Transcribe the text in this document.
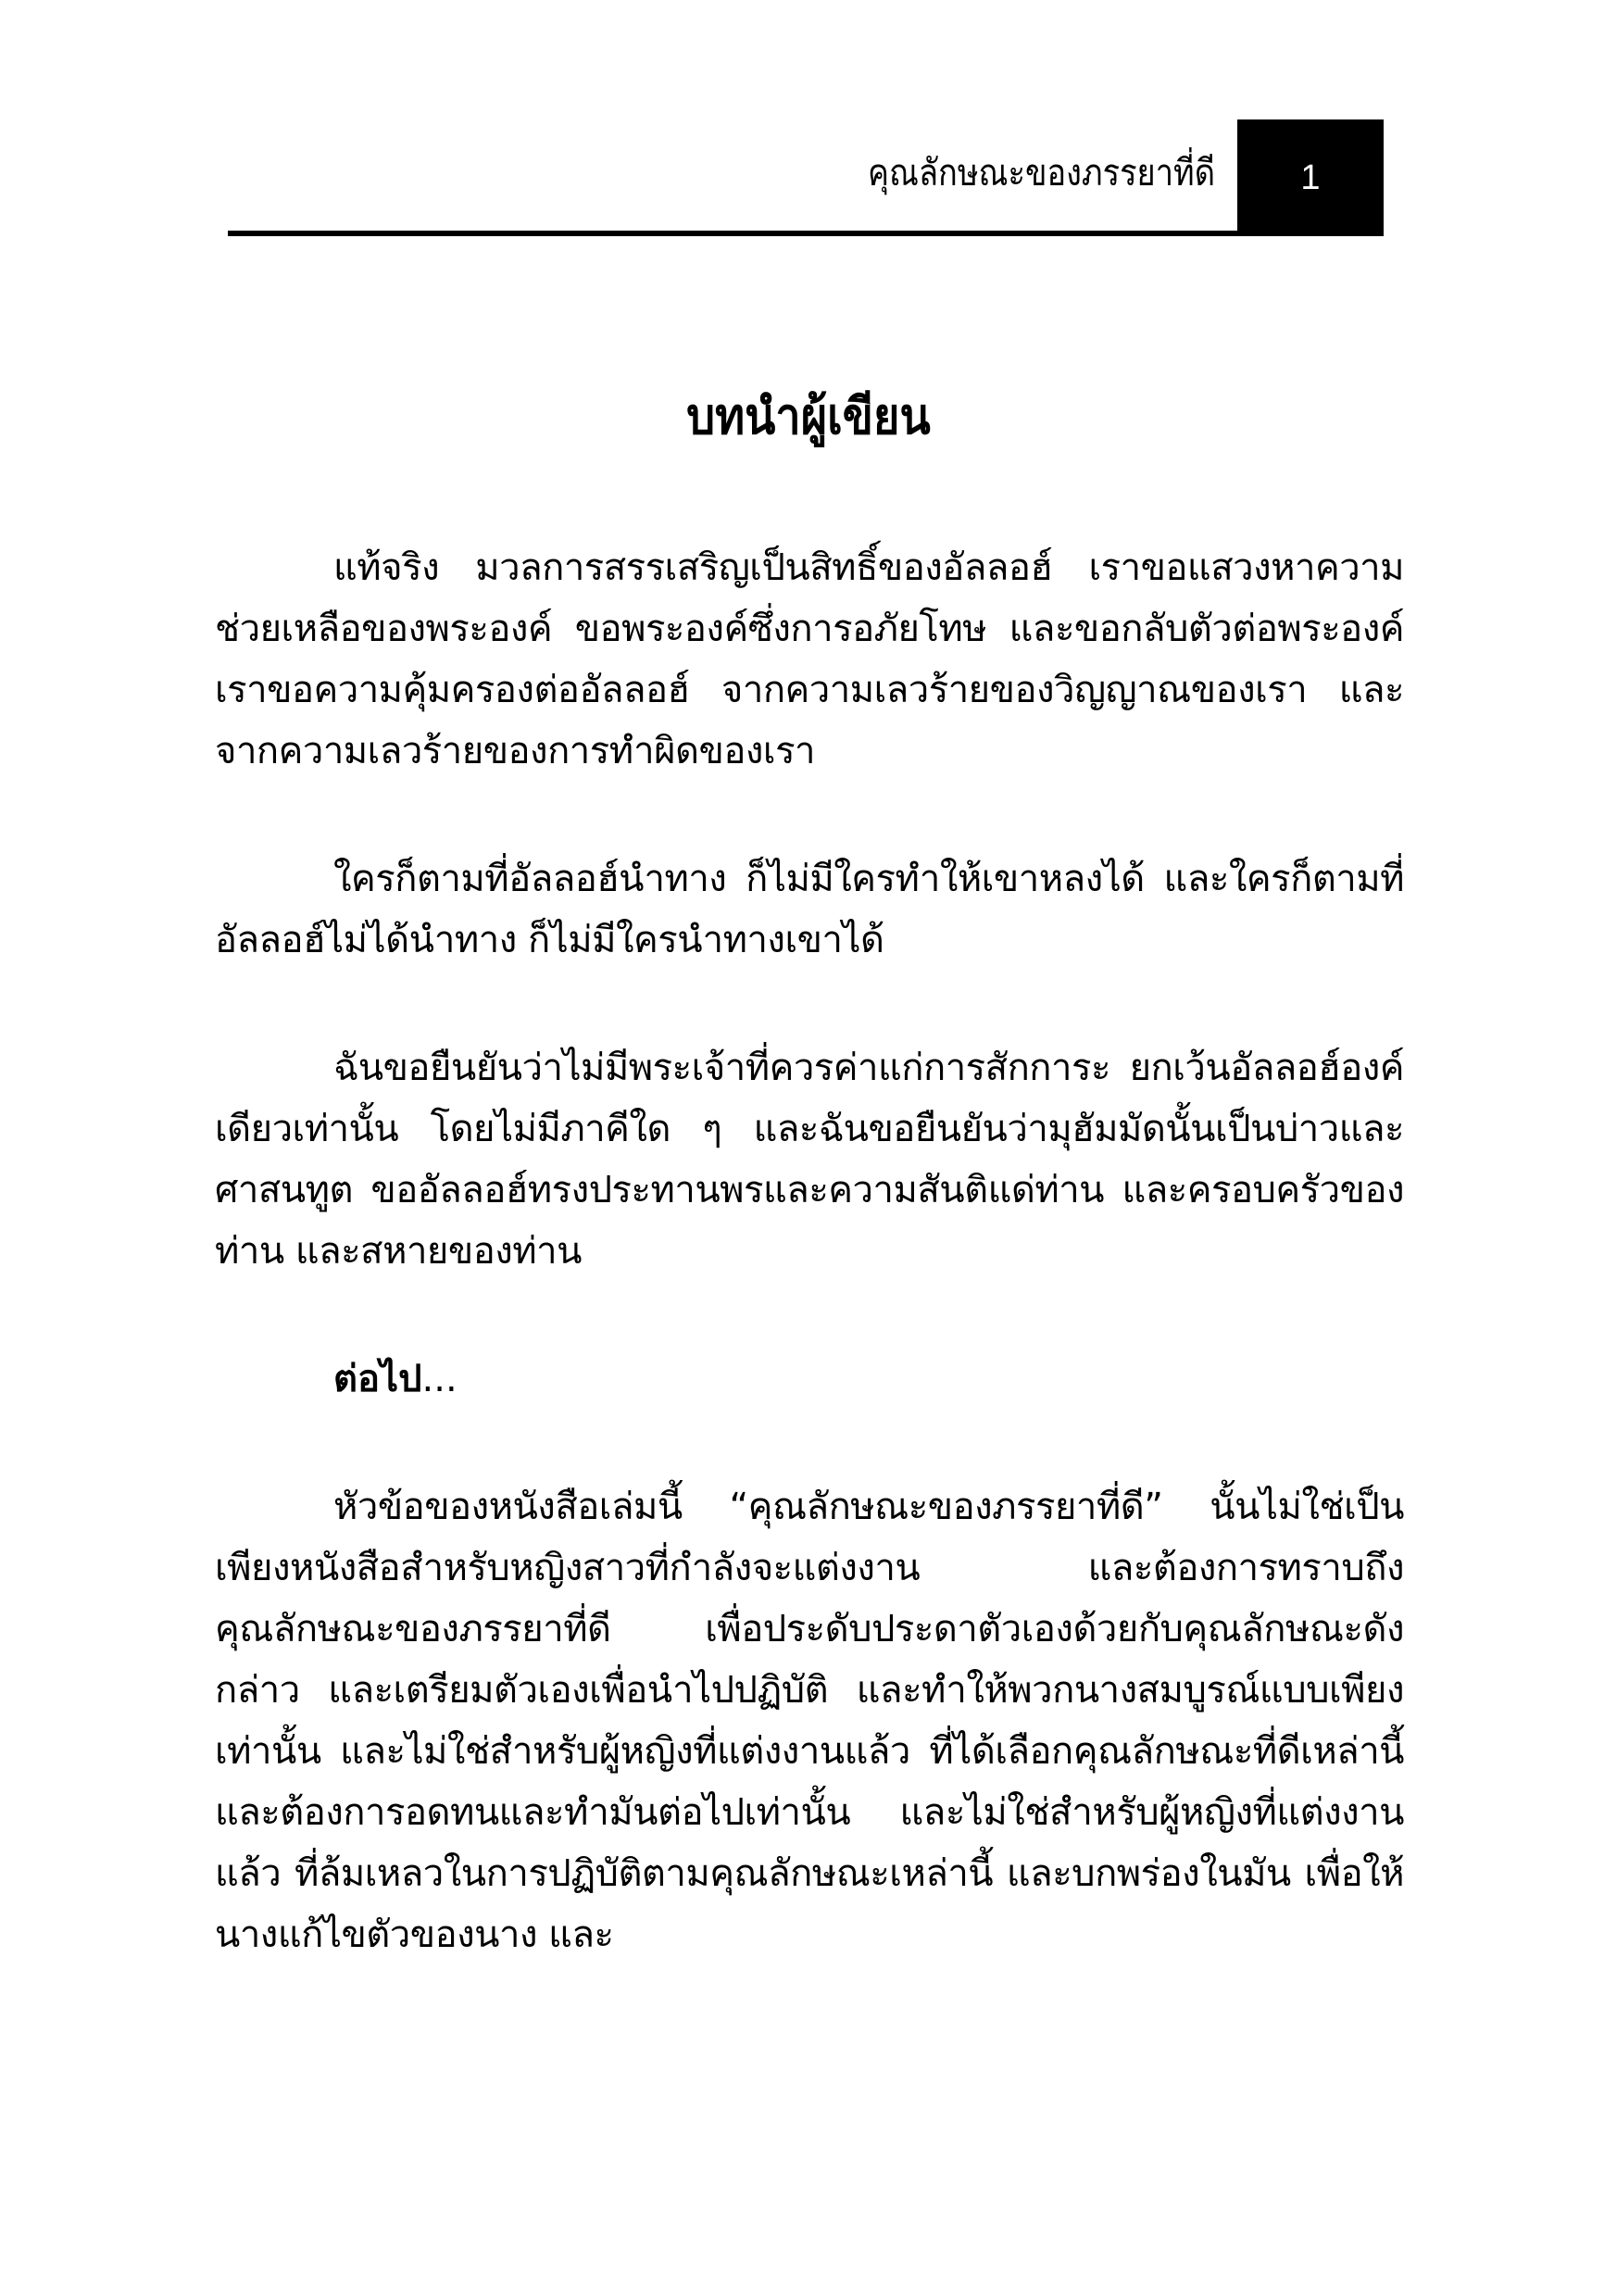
คุณลักษณะของภรรยาที่ดี 1
บทนำผู้เขียน

แท้จริง มวลการสรรเสริญเป็นสิทธิ์ของอัลลอฮ์ เราขอแสวงหาความช่วยเหลือของพระองค์ ขอพระองค์ซึ่งการอภัยโทษ และขอกลับตัวต่อพระองค์ เราขอความคุ้มครองต่ออัลลอฮ์ จากความเลวร้ายของวิญญาณของเรา และจากความเลวร้ายของการทำผิดของเรา

ใครก็ตามที่อัลลอฮ์นำทาง ก็ไม่มีใครทำให้เขาหลงได้ และใครก็ตามที่อัลลอฮ์ไม่ได้นำทาง ก็ไม่มีใครนำทางเขาได้

ฉันขอยืนยันว่าไม่มีพระเจ้าที่ควรค่าแก่การสักการะ ยกเว้นอัลลอฮ์องค์เดียวเท่านั้น โดยไม่มีภาคีใด ๆ และฉันขอยืนยันว่ามุฮัมมัดนั้นเป็นบ่าวและศาสนทูต ขออัลลอฮ์ทรงประทานพรและความสันติแด่ท่าน และครอบครัวของท่าน และสหายของท่าน

ต่อไป...

หัวข้อของหนังสือเล่มนี้ “คุณลักษณะของภรรยาที่ดี” นั้นไม่ใช่เป็นเพียงหนังสือสำหรับหญิงสาวที่กำลังจะแต่งงาน และต้องการทราบถึงคุณลักษณะของภรรยาที่ดี เพื่อประดับประดาตัวเองด้วยกับคุณลักษณะดังกล่าว และเตรียมตัวเองเพื่อนำไปปฏิบัติ และทำให้พวกนางสมบูรณ์แบบเพียงเท่านั้น และไม่ใช่สำหรับผู้หญิงที่แต่งงานแล้ว ที่ได้เลือกคุณลักษณะที่ดีเหล่านี้ และต้องการอดทนและทำมันต่อไปเท่านั้น และไม่ใช่สำหรับผู้หญิงที่แต่งงานแล้ว ที่ล้มเหลวในการปฏิบัติตามคุณลักษณะเหล่านี้ และบกพร่องในมัน เพื่อให้นางแก้ไขตัวของนาง และ
